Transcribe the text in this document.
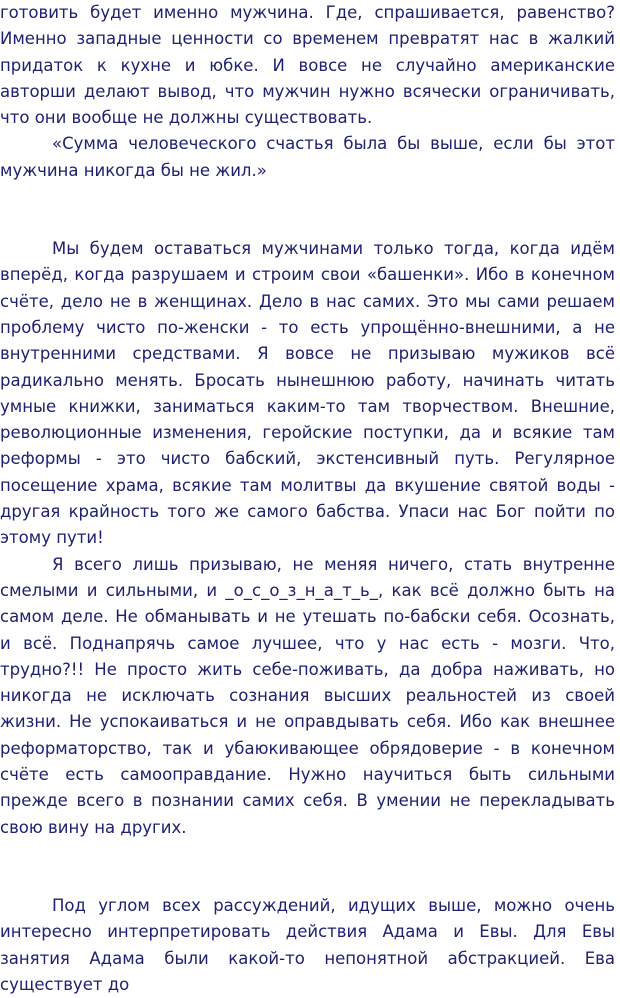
готовить будет именно мужчина. Где, спрашивается, равенство? Именно западные ценности со временем превратят нас в жалкий придаток к кухне и юбке. И вовсе не случайно американские авторши делают вывод, что мужчин нужно всячески ограничивать, что они вообще не должны существовать.

«Сумма человеческого счастья была бы выше, если бы этот мужчина никогда бы не жил.»

Мы будем оставаться мужчинами только тогда, когда идём вперёд, когда разрушаем и строим свои «башенки». Ибо в конечном счёте, дело не в женщинах. Дело в нас самих. Это мы сами решаем проблему чисто по-женски - то есть упрощённо-внешними, а не внутренними средствами. Я вовсе не призываю мужиков всё радикально менять. Бросать нынешнюю работу, начинать читать умные книжки, заниматься каким-то там творчеством. Внешние, революционные изменения, геройские поступки, да и всякие там реформы - это чисто бабский, экстенсивный путь. Регулярное посещение храма, всякие там молитвы да вкушение святой воды - другая крайность того же самого бабства. Упаси нас Бог пойти по этому пути!

Я всего лишь призываю, не меняя ничего, стать внутренне смелыми и сильными, и _о_с_о_з_н_а_т_ь_, как всё должно быть на самом деле. Не обманывать и не утешать по-бабски себя. Осознать, и всё. Поднапрячь самое лучшее, что у нас есть - мозги. Что, трудно?!! Не просто жить себе-поживать, да добра наживать, но никогда не исключать сознания высших реальностей из своей жизни. Не успокаиваться и не оправдывать себя. Ибо как внешнее реформаторство, так и убаюкивающее обрядоверие - в конечном счёте есть самооправдание. Нужно научиться быть сильными прежде всего в познании самих себя. В умении не перекладывать свою вину на других.

Под углом всех рассуждений, идущих выше, можно очень интересно интерпретировать действия Адама и Евы. Для Евы занятия Адама были какой-то непонятной абстракцией. Ева существует до
